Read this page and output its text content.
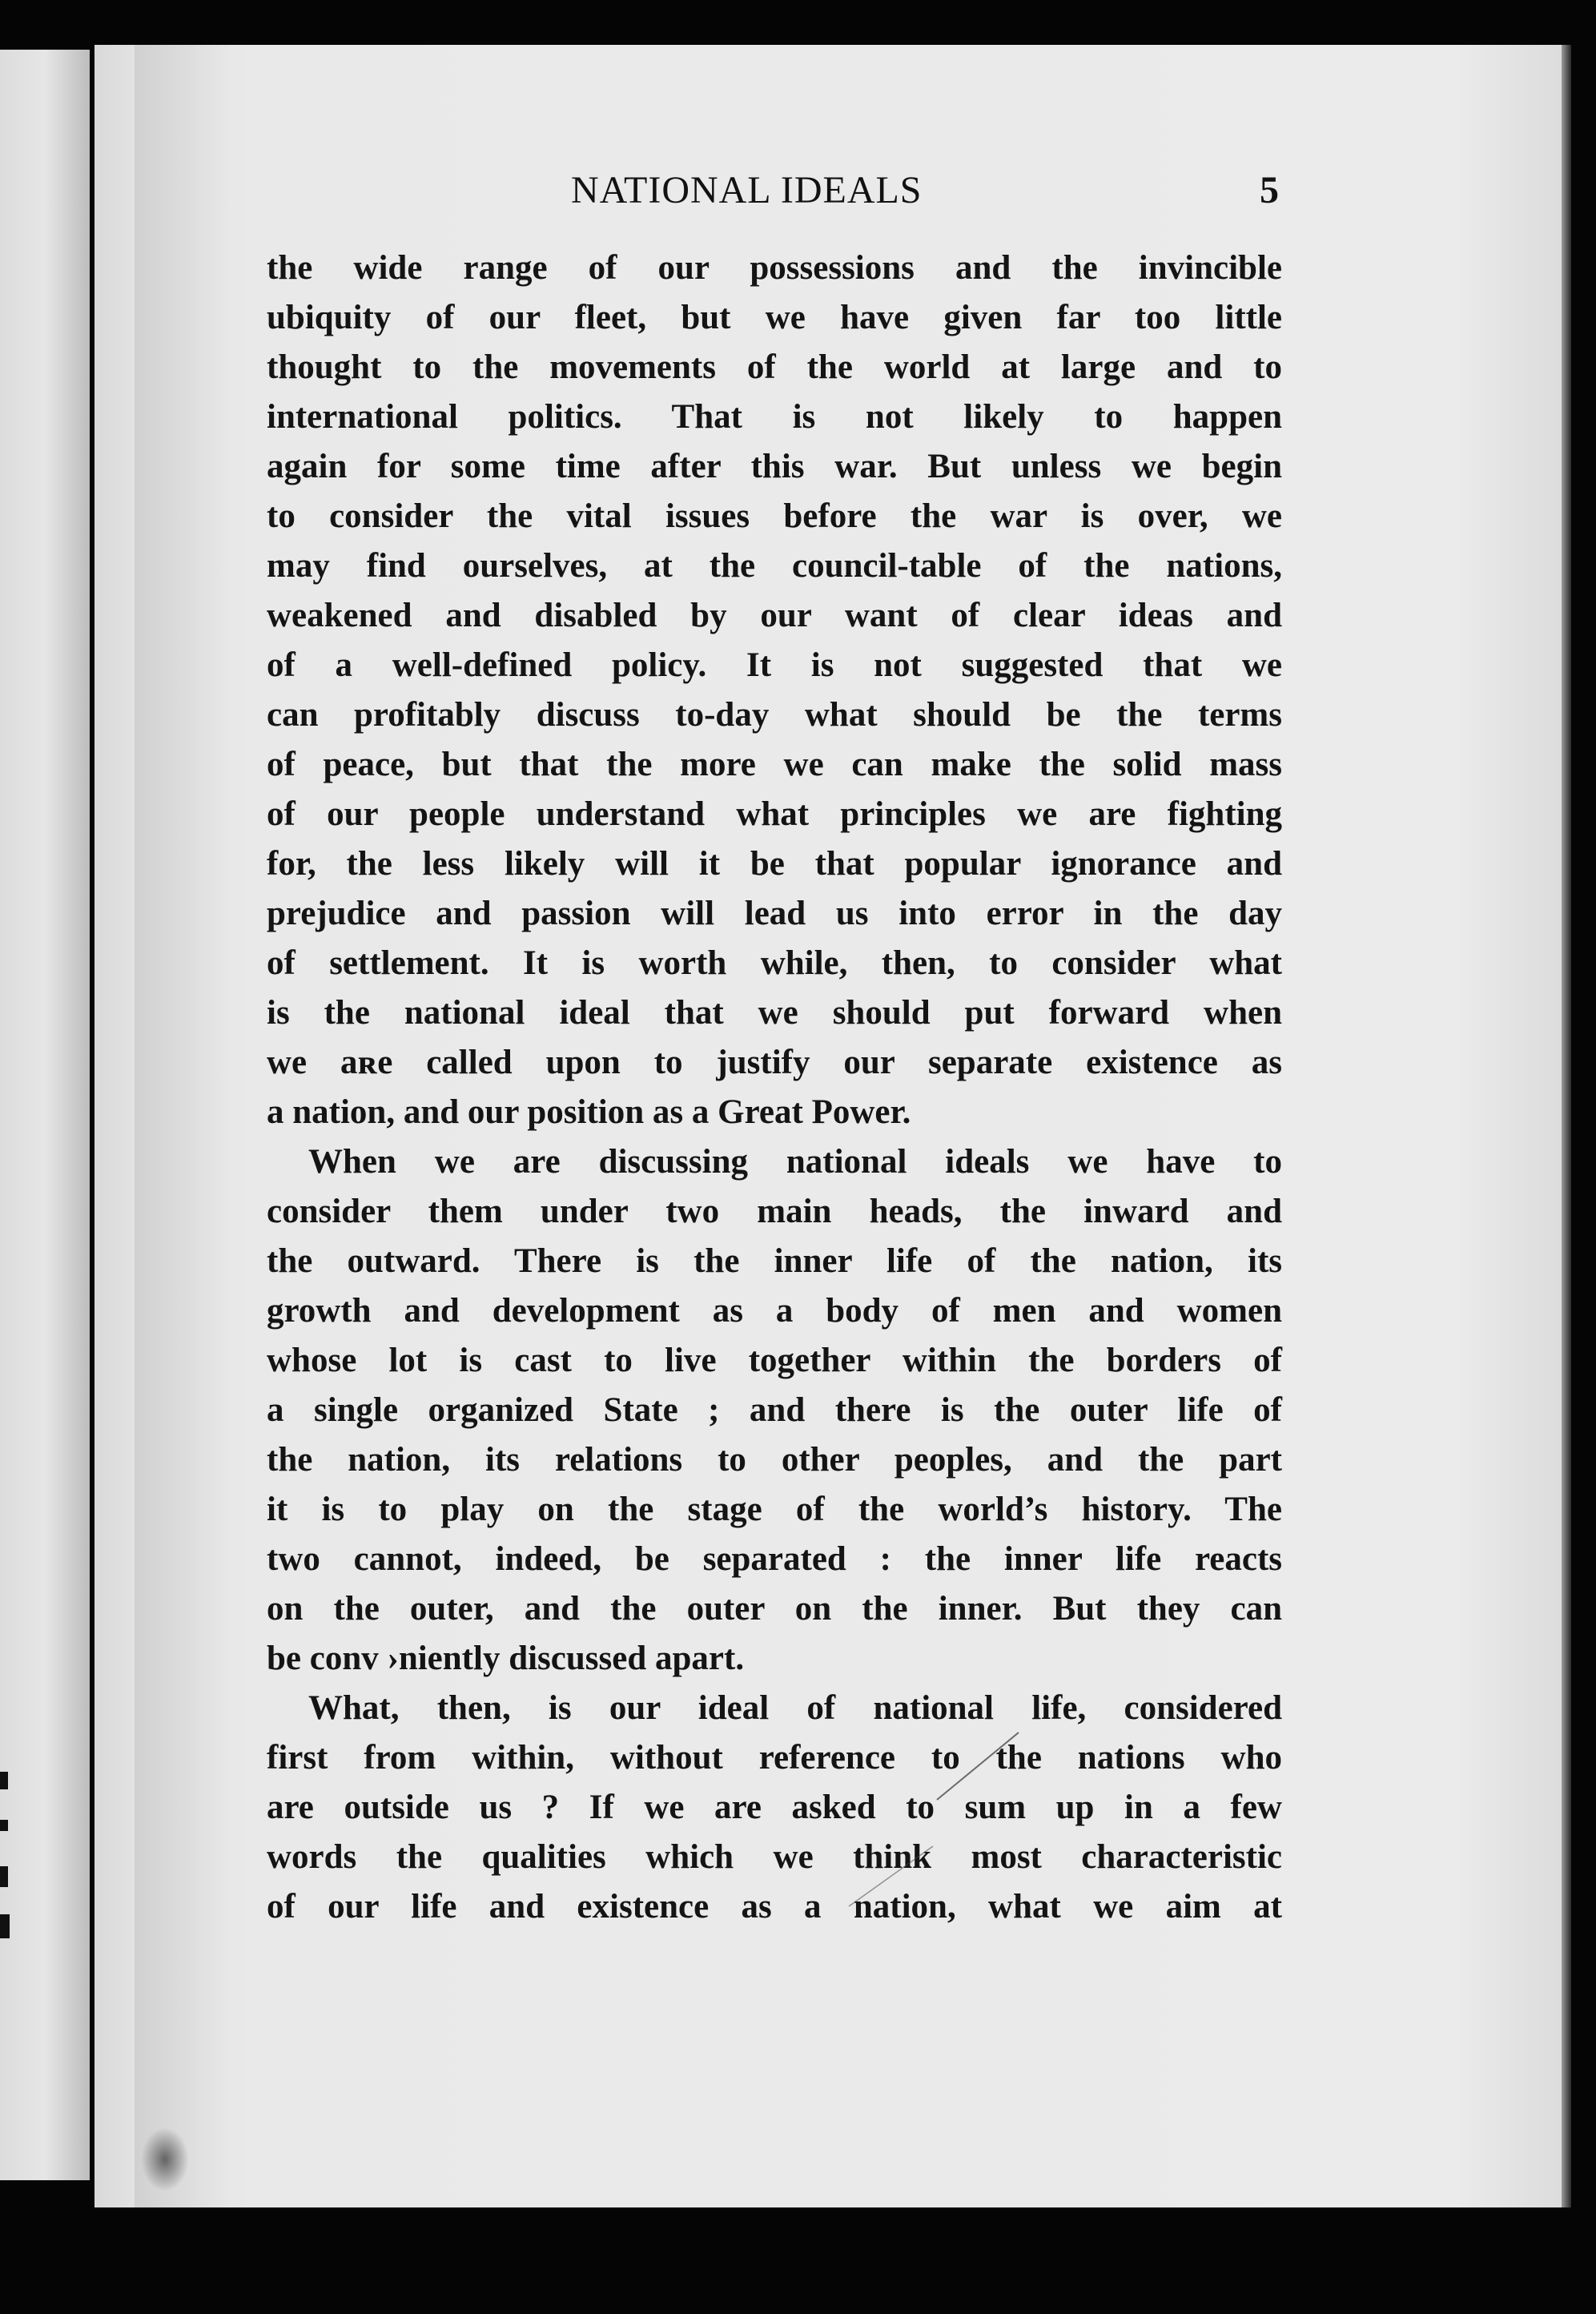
NATIONAL IDEALS	5
the wide range of our possessions and the invincible
ubiquity of our fleet, but we have given far too little
thought to the movements of the world at large and to
international politics. That is not likely to happen
again for some time after this war. But unless we begin
to consider the vital issues before the war is over, we
may find ourselves, at the council-table of the nations,
weakened and disabled by our want of clear ideas and
of a well-defined policy. It is not suggested that we
can profitably discuss to-day what should be the terms
of peace, but that the more we can make the solid mass
of our people understand what principles we are fighting
for, the less likely will it be that popular ignorance and
prejudice and passion will lead us into error in the day
of settlement. It is worth while, then, to consider what
is the national ideal that we should put forward when
we aʀe called upon to justify our separate existence as
a nation, and our position as a Great Power.
When we are discussing national ideals we have to
consider them under two main heads, the inward and
the outward. There is the inner life of the nation, its
growth and development as a body of men and women
whose lot is cast to live together within the borders of
a single organized State ; and there is the outer life of
the nation, its relations to other peoples, and the part
it is to play on the stage of the world’s history. The
two cannot, indeed, be separated : the inner life reacts
on the outer, and the outer on the inner. But they can
be conv ›niently discussed apart.
What, then, is our ideal of national life, considered
first from within, without reference to the nations who
are outside us ? If we are asked to sum up in a few
words the qualities which we think most characteristic
of our life and existence as a nation, what we aim at
